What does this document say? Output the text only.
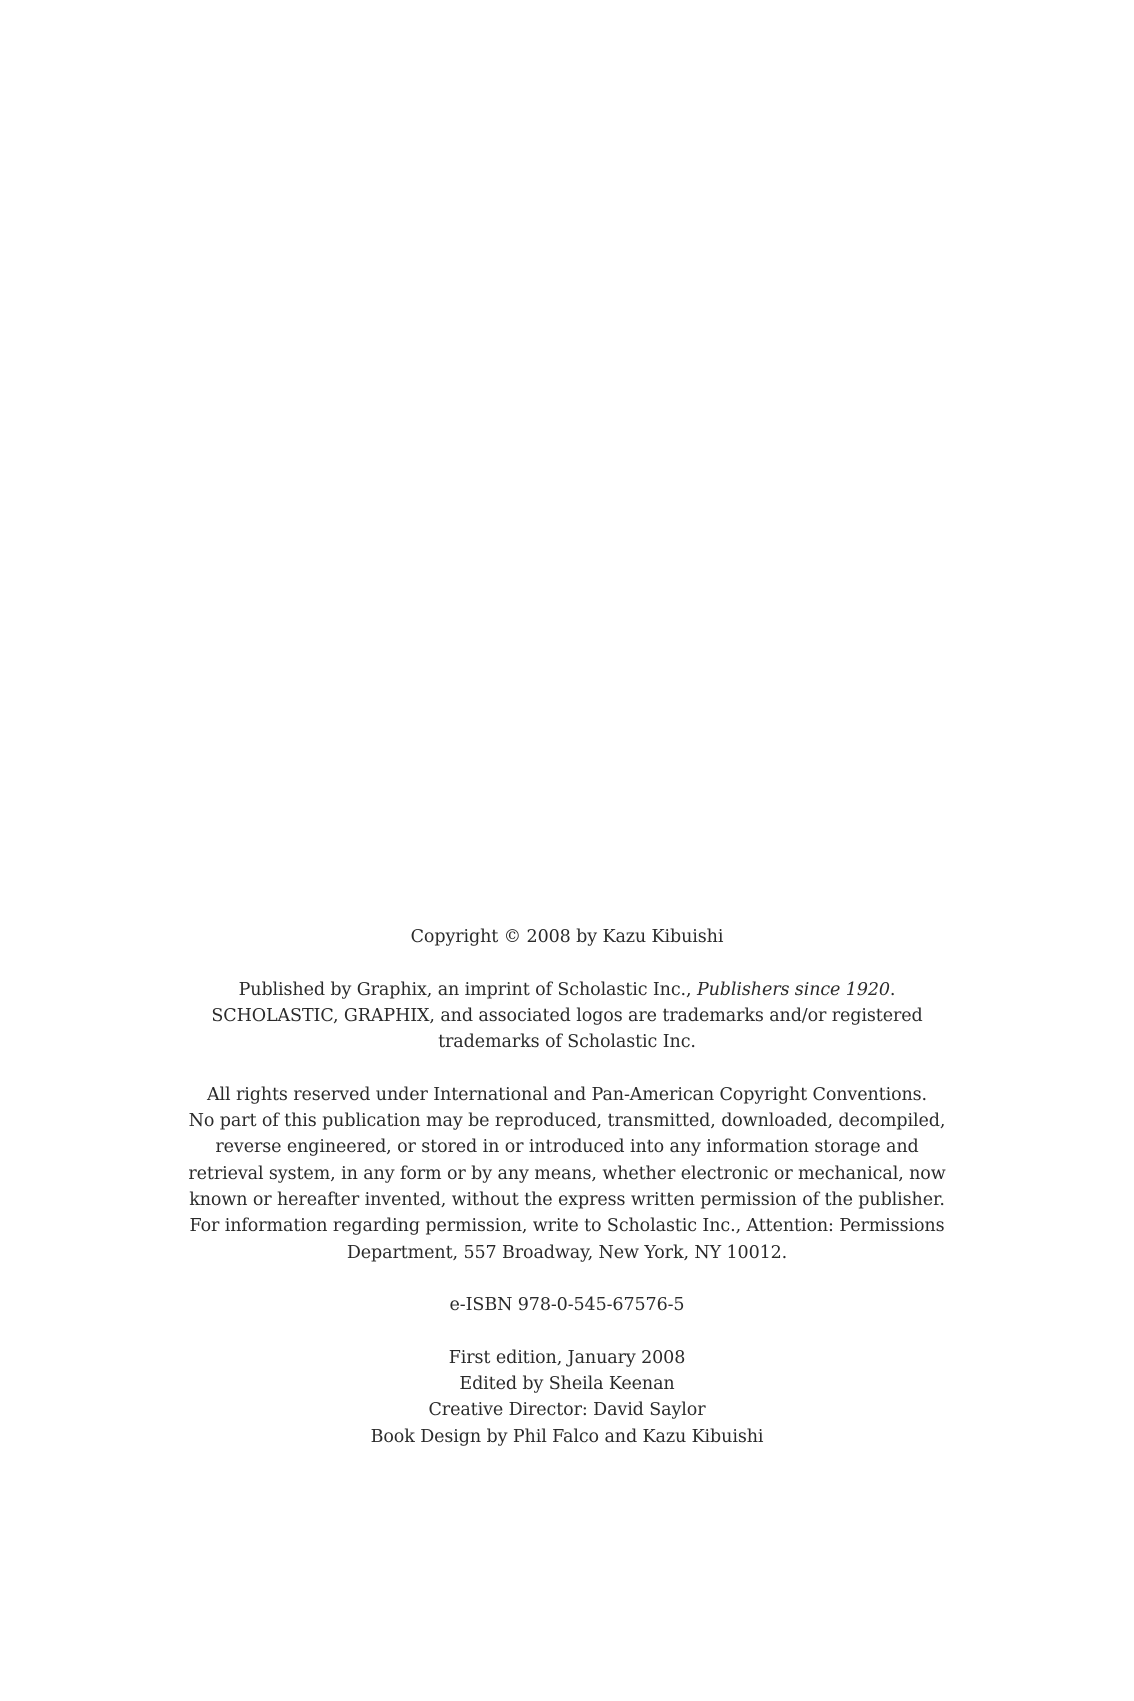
Copyright © 2008 by Kazu Kibuishi

Published by Graphix, an imprint of Scholastic Inc., Publishers since 1920.
SCHOLASTIC, GRAPHIX, and associated logos are trademarks and/or registered
trademarks of Scholastic Inc.

All rights reserved under International and Pan-American Copyright Conventions.
No part of this publication may be reproduced, transmitted, downloaded, decompiled,
reverse engineered, or stored in or introduced into any information storage and
retrieval system, in any form or by any means, whether electronic or mechanical, now
known or hereafter invented, without the express written permission of the publisher.
For information regarding permission, write to Scholastic Inc., Attention: Permissions
Department, 557 Broadway, New York, NY 10012.

e-ISBN 978-0-545-67576-5

First edition, January 2008
Edited by Sheila Keenan
Creative Director: David Saylor
Book Design by Phil Falco and Kazu Kibuishi
